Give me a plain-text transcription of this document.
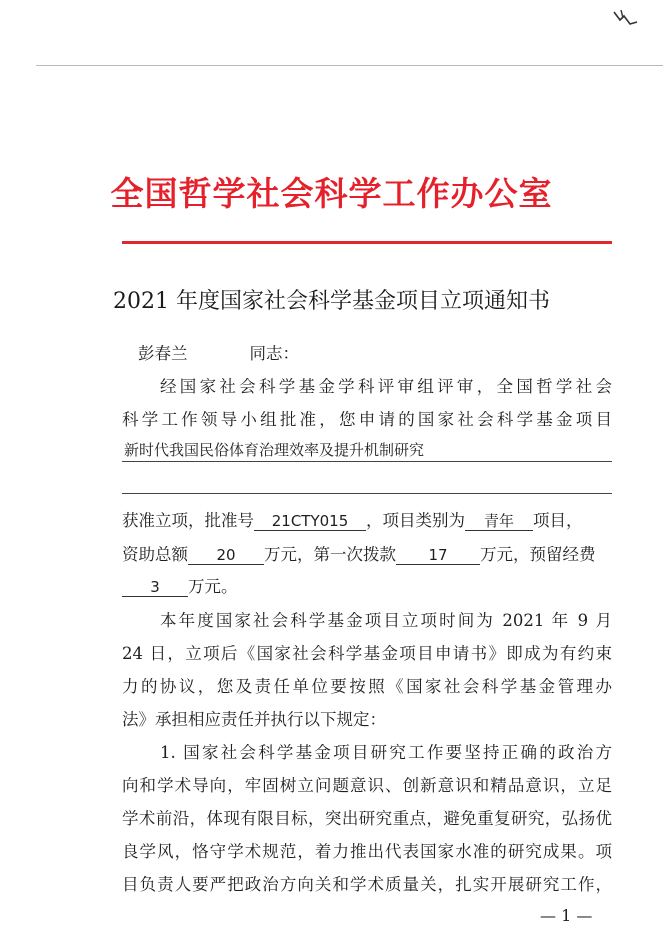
全国哲学社会科学工作办公室
2021 年度国家社会科学基金项目立项通知书
彭春兰	同志：
经国家社会科学基金学科评审组评审，全国哲学社会
科学工作领导小组批准，您申请的国家社会科学基金项目
新时代我国民俗体育治理效率及提升机制研究
获准立项，批准号 21CTY015 ，项目类别为 青年 项目，
资助总额 20 万元，第一次拨款 17 万元，预留经费
3 万元。
本年度国家社会科学基金项目立项时间为 2021 年 9 月
24 日，立项后《国家社会科学基金项目申请书》即成为有约束
力的协议，您及责任单位要按照《国家社会科学基金管理办
法》承担相应责任并执行以下规定：
1. 国家社会科学基金项目研究工作要坚持正确的政治方
向和学术导向，牢固树立问题意识、创新意识和精品意识，立足
学术前沿，体现有限目标，突出研究重点，避免重复研究，弘扬优
良学风，恪守学术规范，着力推出代表国家水准的研究成果。项
目负责人要严把政治方向关和学术质量关，扎实开展研究工作，
— 1 —
